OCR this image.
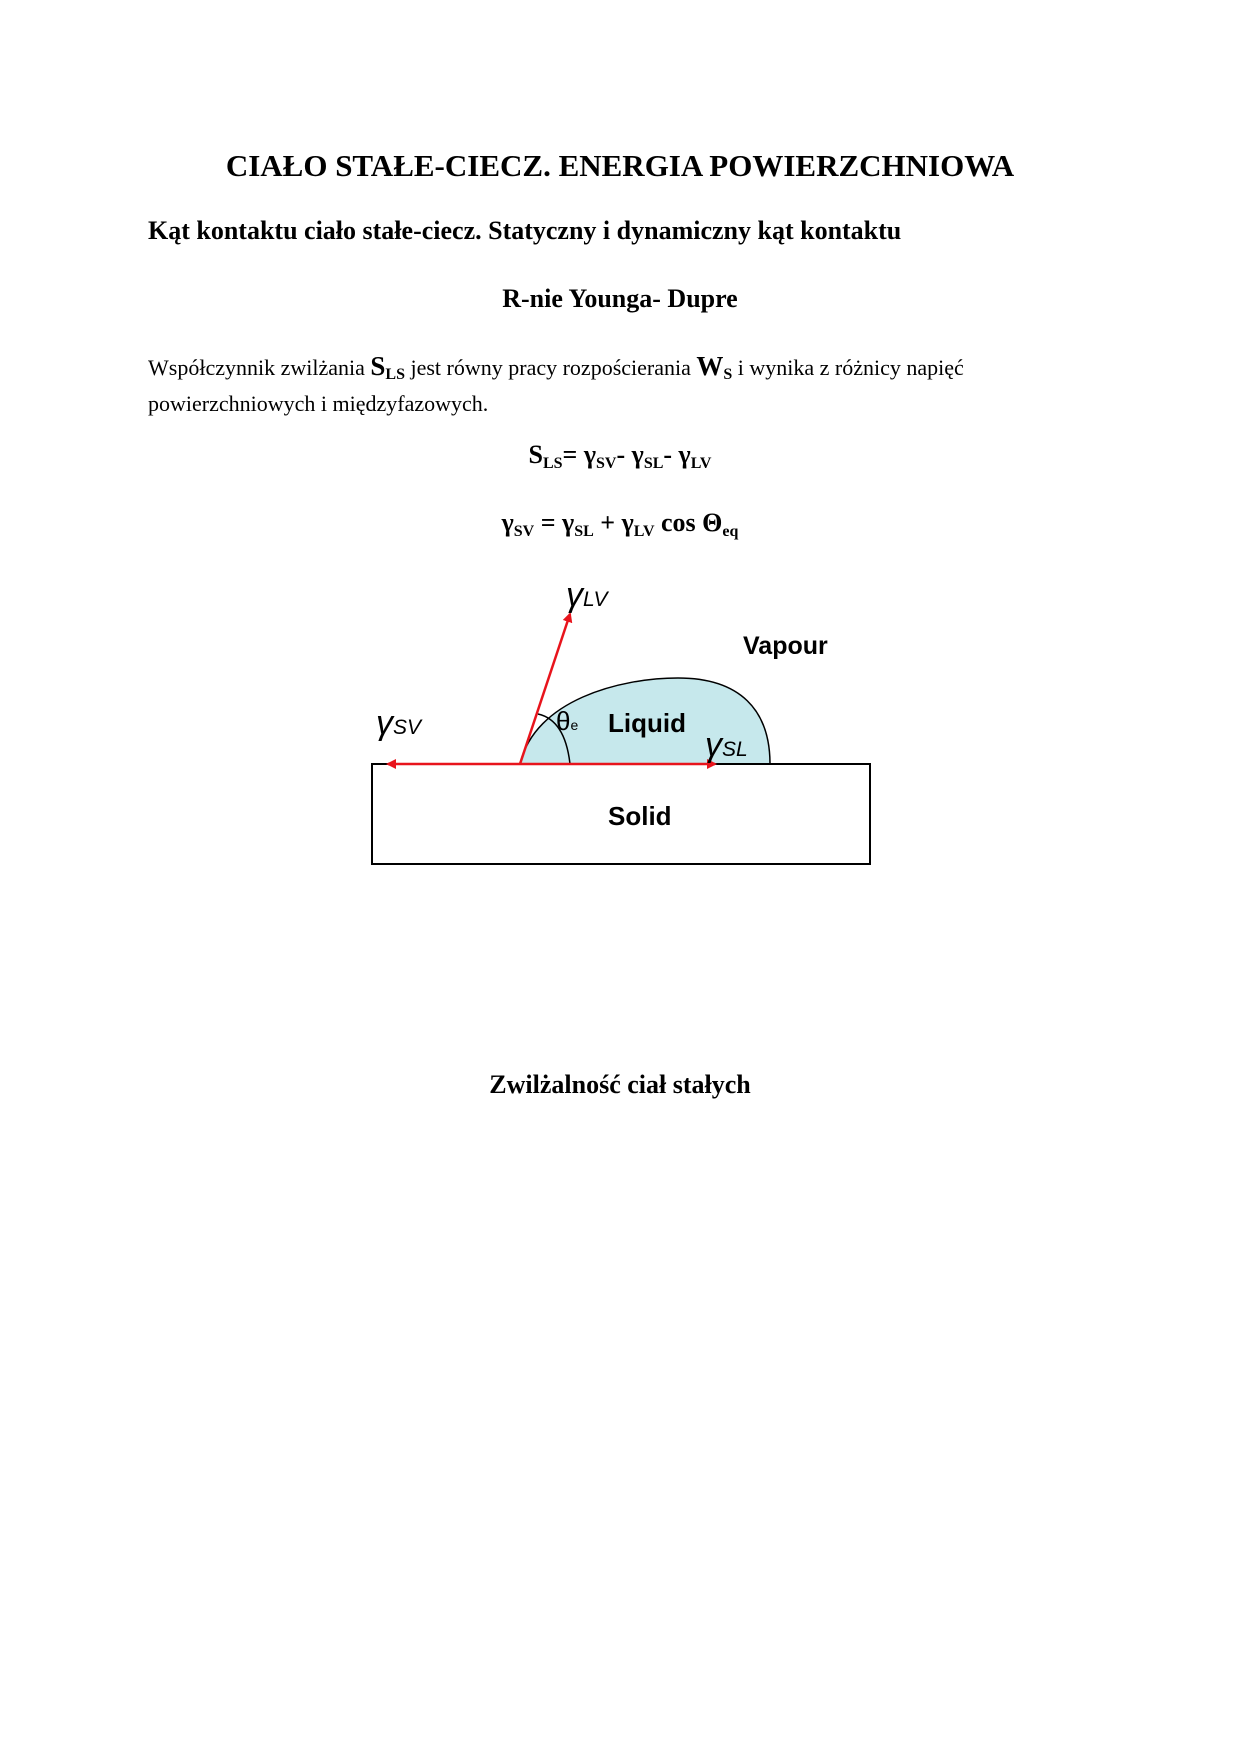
CIAŁO STAŁE-CIECZ. ENERGIA POWIERZCHNIOWA
Kąt kontaktu ciało stałe-ciecz. Statyczny i dynamiczny kąt kontaktu
R-nie Younga- Dupre
Współczynnik zwilżania $S_{LS}$ jest równy pracy rozpościerania $W_S$ i wynika z różnicy napięć powierzchniowych i międzyfazowych.
$S_{LS}= \gamma_{SV}-$ $\gamma_{SL}-$ $\gamma_{LV}$
$\gamma_{SV} = \gamma_{SL} + \gamma_{LV}$ $\cos \Theta_{eq}$
γLV
γSV	γSL
θe
Vapour
Liquid
Solid
Zwilżalność ciał stałych
